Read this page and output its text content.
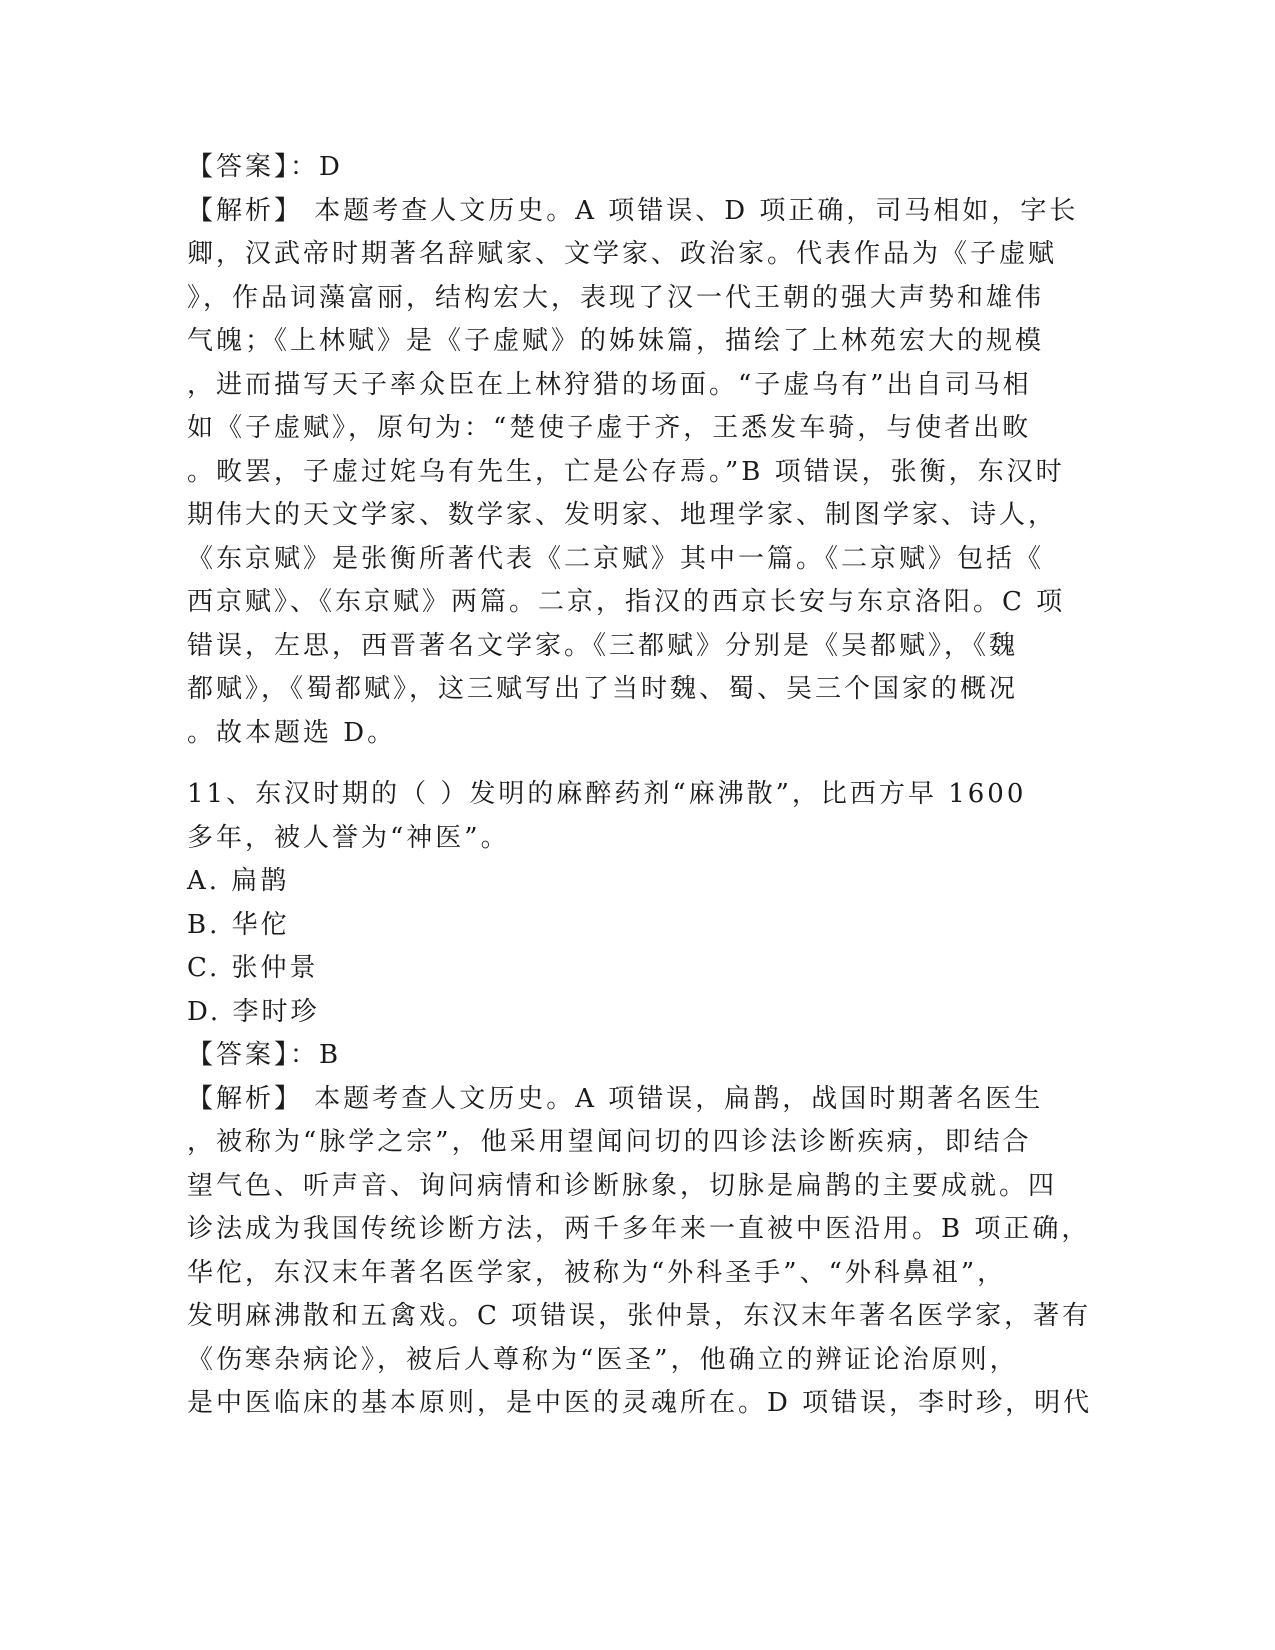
【答案】：D
【解析】 本题考查人文历史。A 项错误、D 项正确，司马相如，字长
卿，汉武帝时期著名辞赋家、文学家、政治家。代表作品为《子虚赋
》，作品词藻富丽，结构宏大，表现了汉一代王朝的强大声势和雄伟
气魄；《上林赋》是《子虚赋》的姊妹篇，描绘了上林苑宏大的规模
，进而描写天子率众臣在上林狩猎的场面。“子虚乌有”出自司马相
如《子虚赋》，原句为：“楚使子虚于齐，王悉发车骑，与使者出畋
。畋罢，子虚过姹乌有先生，亡是公存焉。”B 项错误，张衡，东汉时
期伟大的天文学家、数学家、发明家、地理学家、制图学家、诗人，
《东京赋》是张衡所著代表《二京赋》其中一篇。《二京赋》包括《
西京赋》、《东京赋》两篇。二京，指汉的西京长安与东京洛阳。C 项
错误，左思，西晋著名文学家。《三都赋》分别是《吴都赋》，《魏
都赋》，《蜀都赋》，这三赋写出了当时魏、蜀、吴三个国家的概况
。故本题选 D。
11、东汉时期的（ ）发明的麻醉药剂“麻沸散”，比西方早 1600
多年，被人誉为“神医”。
A. 扁鹊
B. 华佗
C. 张仲景
D. 李时珍
【答案】：B
【解析】 本题考查人文历史。A 项错误，扁鹊，战国时期著名医生
，被称为“脉学之宗”，他采用望闻问切的四诊法诊断疾病，即结合
望气色、听声音、询问病情和诊断脉象，切脉是扁鹊的主要成就。四
诊法成为我国传统诊断方法，两千多年来一直被中医沿用。B 项正确，
华佗，东汉末年著名医学家，被称为“外科圣手”、“外科鼻祖”，
发明麻沸散和五禽戏。C 项错误，张仲景，东汉末年著名医学家，著有
《伤寒杂病论》，被后人尊称为“医圣”，他确立的辨证论治原则，
是中医临床的基本原则，是中医的灵魂所在。D 项错误，李时珍，明代
